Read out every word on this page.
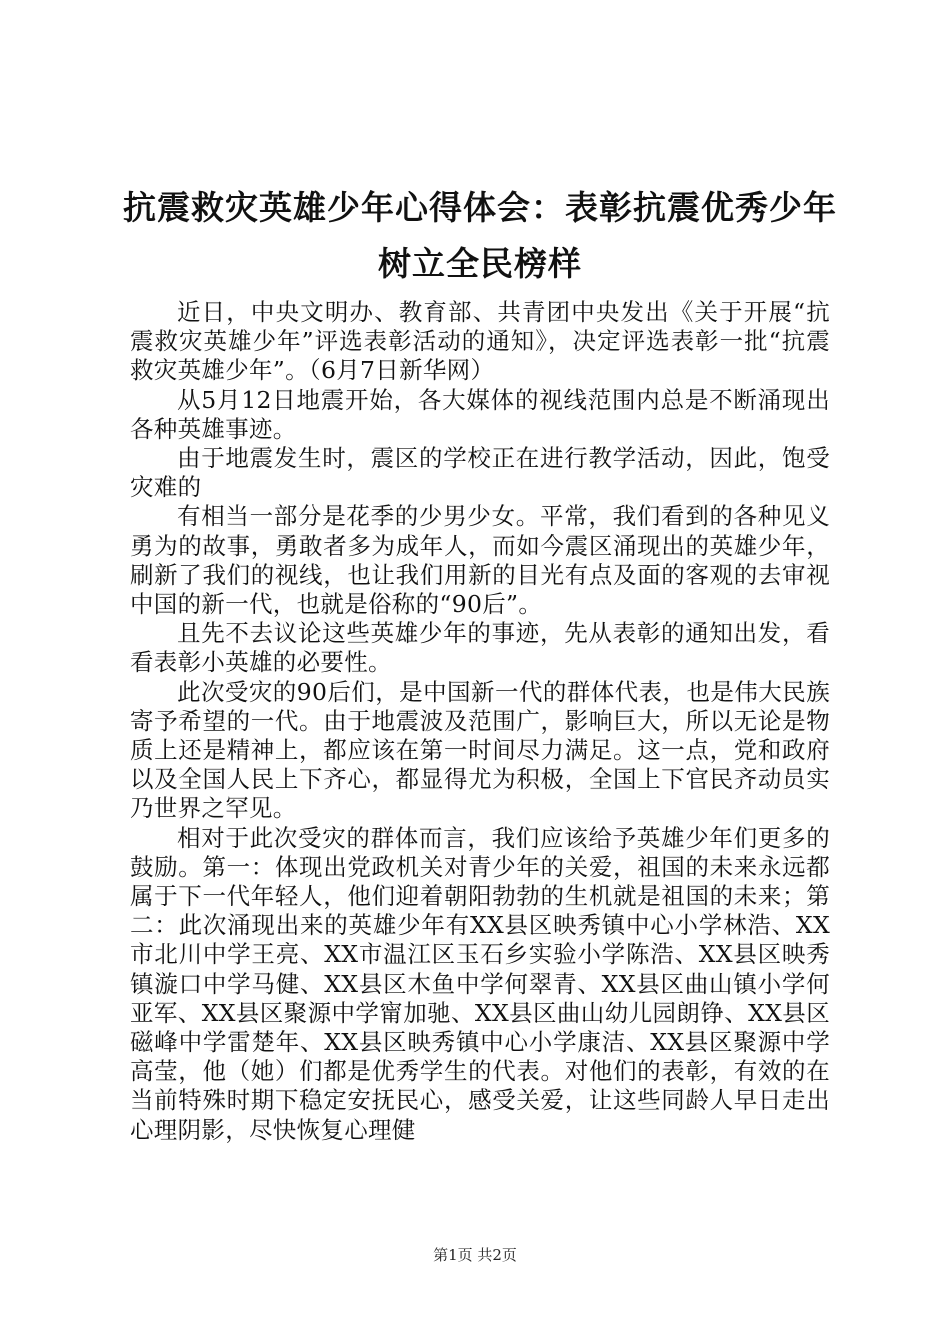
抗震救灾英雄少年心得体会：表彰抗震优秀少年树立全民榜样

近日，中央文明办、教育部、共青团中央发出《关于开展“抗震救灾英雄少年”评选表彰活动的通知》，决定评选表彰一批“抗震救灾英雄少年”。（6月7日新华网）

从5月12日地震开始，各大媒体的视线范围内总是不断涌现出各种英雄事迹。

由于地震发生时，震区的学校正在进行教学活动，因此，饱受灾难的

有相当一部分是花季的少男少女。平常，我们看到的各种见义勇为的故事，勇敢者多为成年人，而如今震区涌现出的英雄少年，刷新了我们的视线，也让我们用新的目光有点及面的客观的去审视中国的新一代，也就是俗称的“90后”。

且先不去议论这些英雄少年的事迹，先从表彰的通知出发，看看表彰小英雄的必要性。

此次受灾的90后们，是中国新一代的群体代表，也是伟大民族寄予希望的一代。由于地震波及范围广，影响巨大，所以无论是物质上还是精神上，都应该在第一时间尽力满足。这一点，党和政府以及全国人民上下齐心，都显得尤为积极，全国上下官民齐动员实乃世界之罕见。

相对于此次受灾的群体而言，我们应该给予英雄少年们更多的鼓励。第一：体现出党政机关对青少年的关爱，祖国的未来永远都属于下一代年轻人，他们迎着朝阳勃勃的生机就是祖国的未来；第二：此次涌现出来的英雄少年有XX县区映秀镇中心小学林浩、XX市北川中学王亮、XX市温江区玉石乡实验小学陈浩、XX县区映秀镇漩口中学马健、XX县区木鱼中学何翠青、XX县区曲山镇小学何亚军、XX县区聚源中学甯加驰、XX县区曲山幼儿园朗铮、XX县区磁峰中学雷楚年、XX县区映秀镇中心小学康洁、XX县区聚源中学高莹，他（她）们都是优秀学生的代表。对他们的表彰，有效的在当前特殊时期下稳定安抚民心，感受关爱，让这些同龄人早日走出心理阴影，尽快恢复心理健

第1页 共2页
